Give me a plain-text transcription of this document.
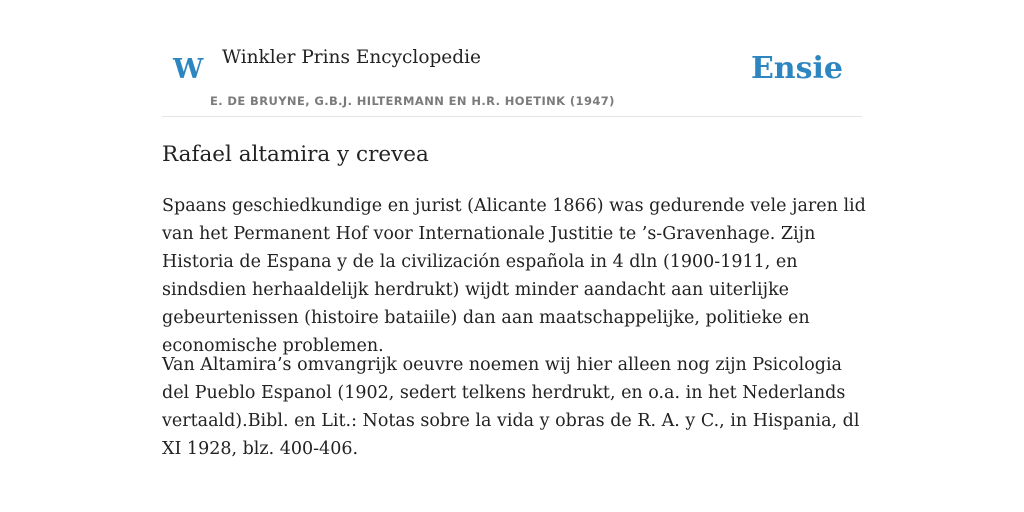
W Winkler Prins Encyclopedie
E. DE BRUYNE, G.B.J. HILTERMANN EN H.R. HOETINK (1947)
Ensie
Rafael altamira y crevea

Spaans geschiedkundige en jurist (Alicante 1866) was gedurende vele jaren lid van het Permanent Hof voor Internationale Justitie te ’s-Gravenhage. Zijn Historia de Espana y de la civilización española in 4 dln (1900-1911, en sindsdien herhaaldelijk herdrukt) wijdt minder aandacht aan uiterlijke gebeurtenissen (histoire bataiile) dan aan maatschappelijke, politieke en economische problemen.

Van Altamira’s omvangrijk oeuvre noemen wij hier alleen nog zijn Psicologia del Pueblo Espanol (1902, sedert telkens herdrukt, en o.a. in het Nederlands vertaald).Bibl. en Lit.: Notas sobre la vida y obras de R. A. y C., in Hispania, dl XI 1928, blz. 400-406.
